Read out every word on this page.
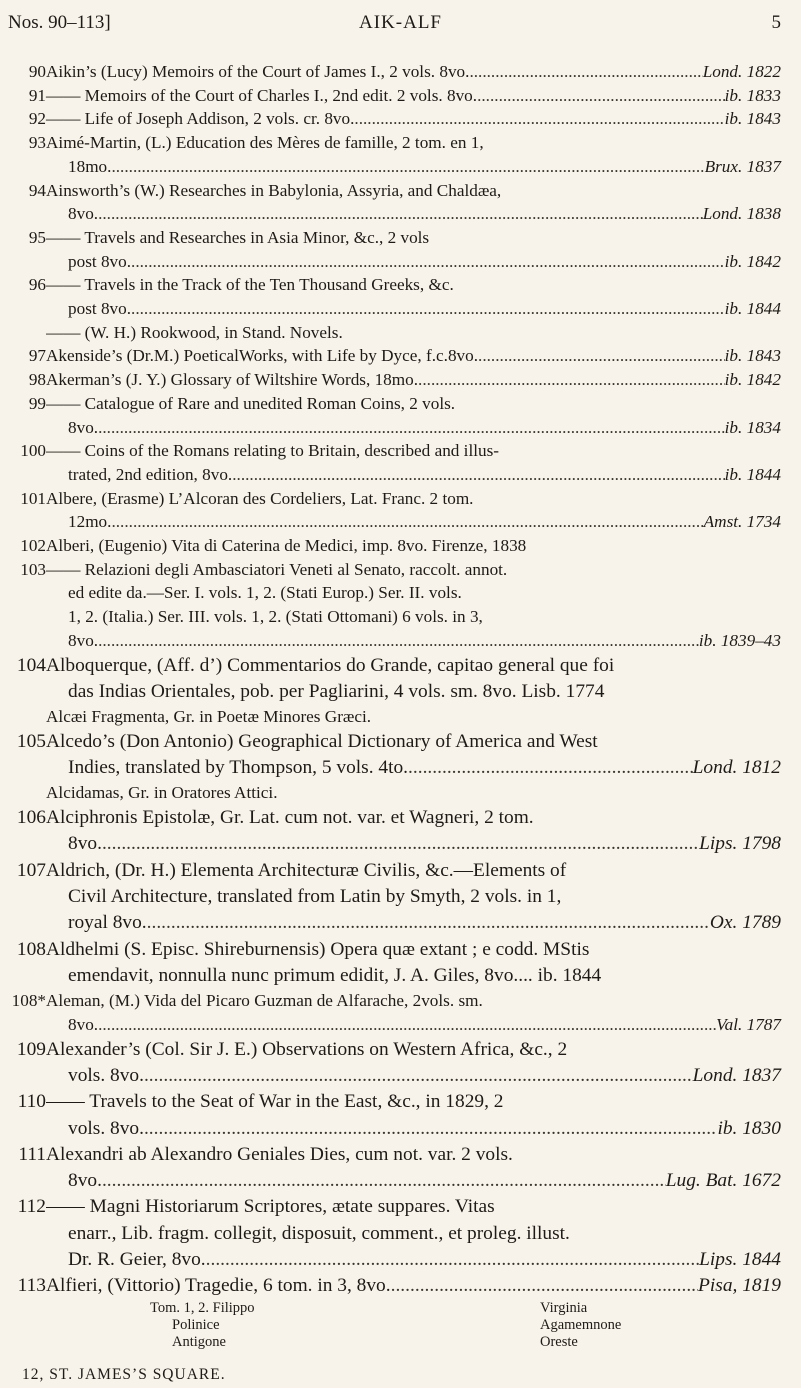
Nos. 90–113]	AIK-ALF	5
90 Aikin’s (Lucy) Memoirs of the Court of James I., 2 vols. 8vo. .....	Lond. 1822
91 —— Memoirs of the Court of Charles I., 2nd edit. 2 vols. 8vo. .....	ib. 1833
92 —— Life of Joseph Addison, 2 vols. cr. 8vo. .....	ib. 1843
93 Aimé-Martin, (L.) Education des Mères de famille, 2 tom. en 1,
18mo. .....	Brux. 1837
94 Ainsworth’s (W.) Researches in Babylonia, Assyria, and Chaldæa,
8vo. .....	Lond. 1838
95 —— Travels and Researches in Asia Minor, &c., 2 vols
post 8vo. .....	ib. 1842
96 —— Travels in the Track of the Ten Thousand Greeks, &c.
post 8vo. .....	ib. 1844
—— (W. H.) Rookwood, in Stand. Novels.
97 Akenside’s (Dr.M.) PoeticalWorks, with Life by Dyce, f.c.8vo. .....	ib. 1843
98 Akerman’s (J. Y.) Glossary of Wiltshire Words, 18mo. .....	ib. 1842
99 —— Catalogue of Rare and unedited Roman Coins, 2 vols.
8vo. .....	ib. 1834
100 —— Coins of the Romans relating to Britain, described and illus-
trated, 2nd edition, 8vo. .....	ib. 1844
101 Albere, (Erasme) L’Alcoran des Cordeliers, Lat. Franc. 2 tom.
12mo. .....	Amst. 1734
102 Alberi, (Eugenio) Vita di Caterina de Medici, imp. 8vo. Firenze, 1838
103 —— Relazioni degli Ambasciatori Veneti al Senato, raccolt. annot.
ed edite da.—Ser. I. vols. 1, 2. (Stati Europ.) Ser. II. vols.
1, 2. (Italia.) Ser. III. vols. 1, 2. (Stati Ottomani) 6 vols. in 3,
8vo. .....	ib. 1839–43
104 Alboquerque, (Aff. d’) Commentarios do Grande, capitao general que foi
das Indias Orientales, pob. per Pagliarini, 4 vols. sm. 8vo. Lisb. 1774
Alcæi Fragmenta, Gr. in Poetæ Minores Græci.
105 Alcedo’s (Don Antonio) Geographical Dictionary of America and West
Indies, translated by Thompson, 5 vols. 4to. .....	Lond. 1812
Alcidamas, Gr. in Oratores Attici.
106 Alciphronis Epistolæ, Gr. Lat. cum not. var. et Wagneri, 2 tom.
8vo. .....	Lips. 1798
107 Aldrich, (Dr. H.) Elementa Architecturæ Civilis, &c.—Elements of
Civil Architecture, translated from Latin by Smyth, 2 vols. in 1,
royal 8vo. .....	Ox. 1789
108 Aldhelmi (S. Episc. Shireburnensis) Opera quæ extant ; e codd. MStis
emendavit, nonnulla nunc primum edidit, J. A. Giles, 8vo.... ib. 1844
108* Aleman, (M.) Vida del Picaro Guzman de Alfarache, 2vols. sm.
8vo. .....	Val. 1787
109 Alexander’s (Col. Sir J. E.) Observations on Western Africa, &c., 2
vols. 8vo. .....	Lond. 1837
110 —— Travels to the Seat of War in the East, &c., in 1829, 2
vols. 8vo. .....	ib. 1830
111 Alexandri ab Alexandro Geniales Dies, cum not. var. 2 vols.
8vo. .....	Lug. Bat. 1672
112 —— Magni Historiarum Scriptores, ætate suppares. Vitas
enarr., Lib. fragm. collegit, disposuit, comment., et proleg. illust.
Dr. R. Geier, 8vo. .....	Lips. 1844
113 Alfieri, (Vittorio) Tragedie, 6 tom. in 3, 8vo. .....	Pisa, 1819
Tom. 1, 2. Filippo
Polinice
Antigone
Virginia
Agamemnone
Oreste
12, ST. JAMES’S SQUARE.
